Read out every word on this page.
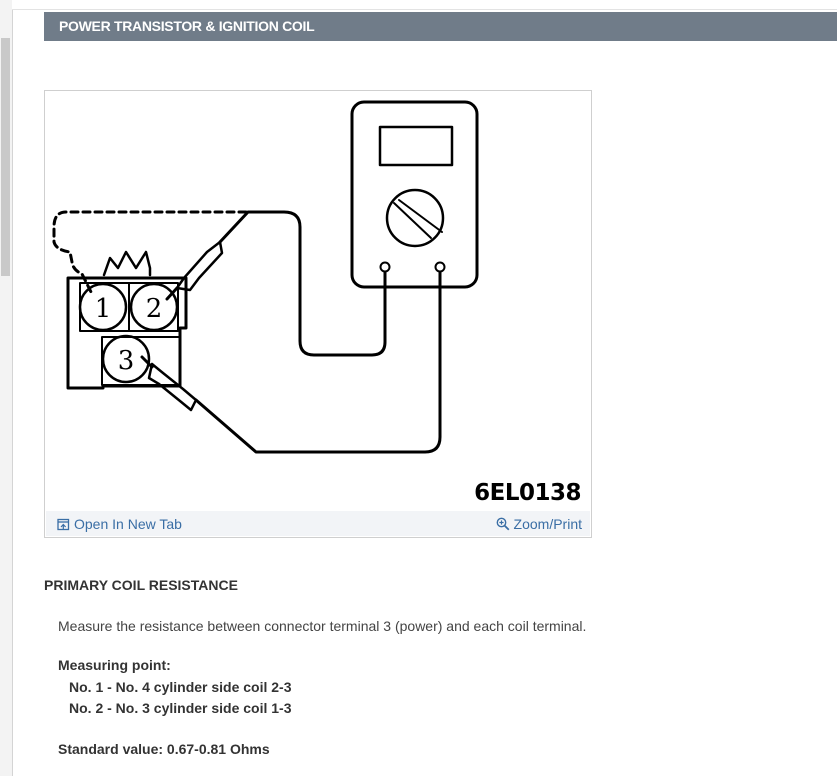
POWER TRANSISTOR & IGNITION COIL
1 2
3
6EL0138
Open In New Tab	Zoom/Print
PRIMARY COIL RESISTANCE
Measure the resistance between connector terminal 3 (power) and each coil terminal.
Measuring point:
No. 1 - No. 4 cylinder side coil 2-3
No. 2 - No. 3 cylinder side coil 1-3
Standard value: 0.67-0.81 Ohms
